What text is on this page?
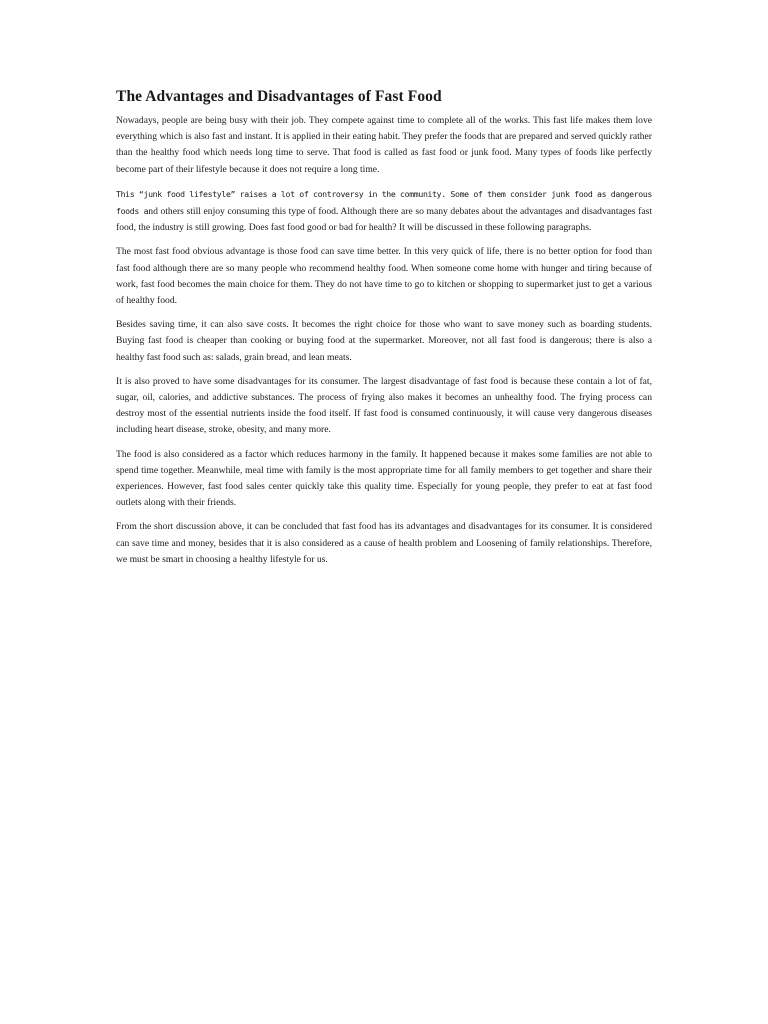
The Advantages and Disadvantages of Fast Food

Nowadays, people are being busy with their job. They compete against time to complete all of the works. This fast life makes them love everything which is also fast and instant. It is applied in their eating habit. They prefer the foods that are prepared and served quickly rather than the healthy food which needs long time to serve. That food is called as fast food or junk food. Many types of foods like perfectly become part of their lifestyle because it does not require a long time.

This “junk food lifestyle” raises a lot of controversy in the community. Some of them consider junk food as dangerous foods and others still enjoy consuming this type of food. Although there are so many debates about the advantages and disadvantages fast food, the industry is still growing. Does fast food good or bad for health? It will be discussed in these following paragraphs.

The most fast food obvious advantage is those food can save time better. In this very quick of life, there is no better option for food than fast food although there are so many people who recommend healthy food. When someone come home with hunger and tiring because of work, fast food becomes the main choice for them. They do not have time to go to kitchen or shopping to supermarket just to get a various of healthy food.

Besides saving time, it can also save costs. It becomes the right choice for those who want to save money such as boarding students. Buying fast food is cheaper than cooking or buying food at the supermarket. Moreover, not all fast food is dangerous; there is also a healthy fast food such as: salads, grain bread, and lean meats.

It is also proved to have some disadvantages for its consumer. The largest disadvantage of fast food is because these contain a lot of fat, sugar, oil, calories, and addictive substances. The process of frying also makes it becomes an unhealthy food. The frying process can destroy most of the essential nutrients inside the food itself. If fast food is consumed continuously, it will cause very dangerous diseases including heart disease, stroke, obesity, and many more.

The food is also considered as a factor which reduces harmony in the family. It happened because it makes some families are not able to spend time together. Meanwhile, meal time with family is the most appropriate time for all family members to get together and share their experiences. However, fast food sales center quickly take this quality time. Especially for young people, they prefer to eat at fast food outlets along with their friends.

From the short discussion above, it can be concluded that fast food has its advantages and disadvantages for its consumer. It is considered can save time and money, besides that it is also considered as a cause of health problem and Loosening of family relationships. Therefore, we must be smart in choosing a healthy lifestyle for us.
